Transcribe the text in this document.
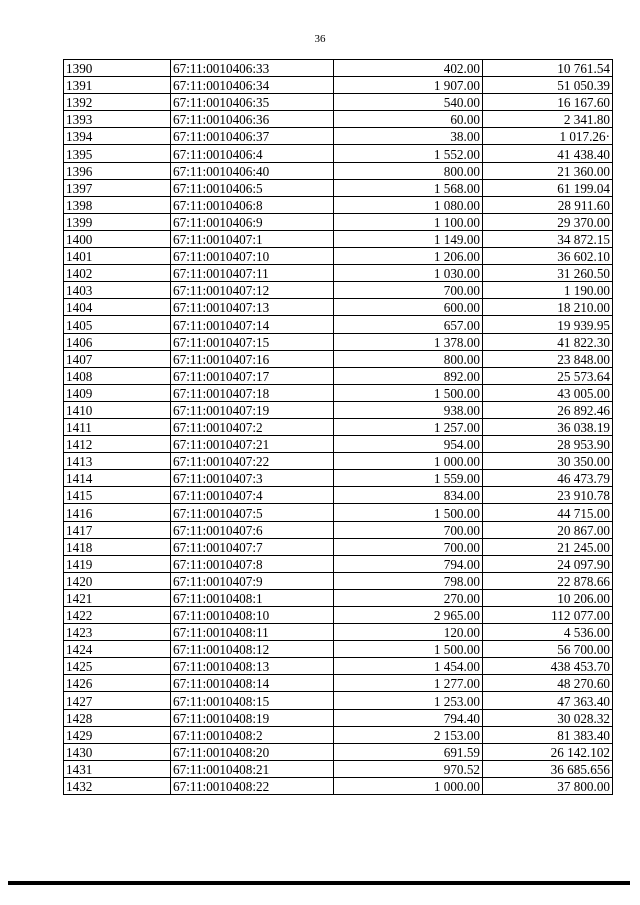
36
1390	67:11:0010406:33	402.00	10 761.54
1391	67:11:0010406:34	1 907.00	51 050.39
1392	67:11:0010406:35	540.00	16 167.60
1393	67:11:0010406:36	60.00	2 341.80
1394	67:11:0010406:37	38.00	1 017.26·
1395	67:11:0010406:4	1 552.00	41 438.40
1396	67:11:0010406:40	800.00	21 360.00
1397	67:11:0010406:5	1 568.00	61 199.04
1398	67:11:0010406:8	1 080.00	28 911.60
1399	67:11:0010406:9	1 100.00	29 370.00
1400	67:11:0010407:1	1 149.00	34 872.15
1401	67:11:0010407:10	1 206.00	36 602.10
1402	67:11:0010407:11	1 030.00	31 260.50
1403	67:11:0010407:12	700.00	1 190.00
1404	67:11:0010407:13	600.00	18 210.00
1405	67:11:0010407:14	657.00	19 939.95
1406	67:11:0010407:15	1 378.00	41 822.30
1407	67:11:0010407:16	800.00	23 848.00
1408	67:11:0010407:17	892.00	25 573.64
1409	67:11:0010407:18	1 500.00	43 005.00
1410	67:11:0010407:19	938.00	26 892.46
1411	67:11:0010407:2	1 257.00	36 038.19
1412	67:11:0010407:21	954.00	28 953.90
1413	67:11:0010407:22	1 000.00	30 350.00
1414	67:11:0010407:3	1 559.00	46 473.79
1415	67:11:0010407:4	834.00	23 910.78
1416	67:11:0010407:5	1 500.00	44 715.00
1417	67:11:0010407:6	700.00	20 867.00
1418	67:11:0010407:7	700.00	21 245.00
1419	67:11:0010407:8	794.00	24 097.90
1420	67:11:0010407:9	798.00	22 878.66
1421	67:11:0010408:1	270.00	10 206.00
1422	67:11:0010408:10	2 965.00	112 077.00
1423	67:11:0010408:11	120.00	4 536.00
1424	67:11:0010408:12	1 500.00	56 700.00
1425	67:11:0010408:13	1 454.00	438 453.70
1426	67:11:0010408:14	1 277.00	48 270.60
1427	67:11:0010408:15	1 253.00	47 363.40
1428	67:11:0010408:19	794.40	30 028.32
1429	67:11:0010408:2	2 153.00	81 383.40
1430	67:11:0010408:20	691.59	26 142.102
1431	67:11:0010408:21	970.52	36 685.656
1432	67:11:0010408:22	1 000.00	37 800.00
